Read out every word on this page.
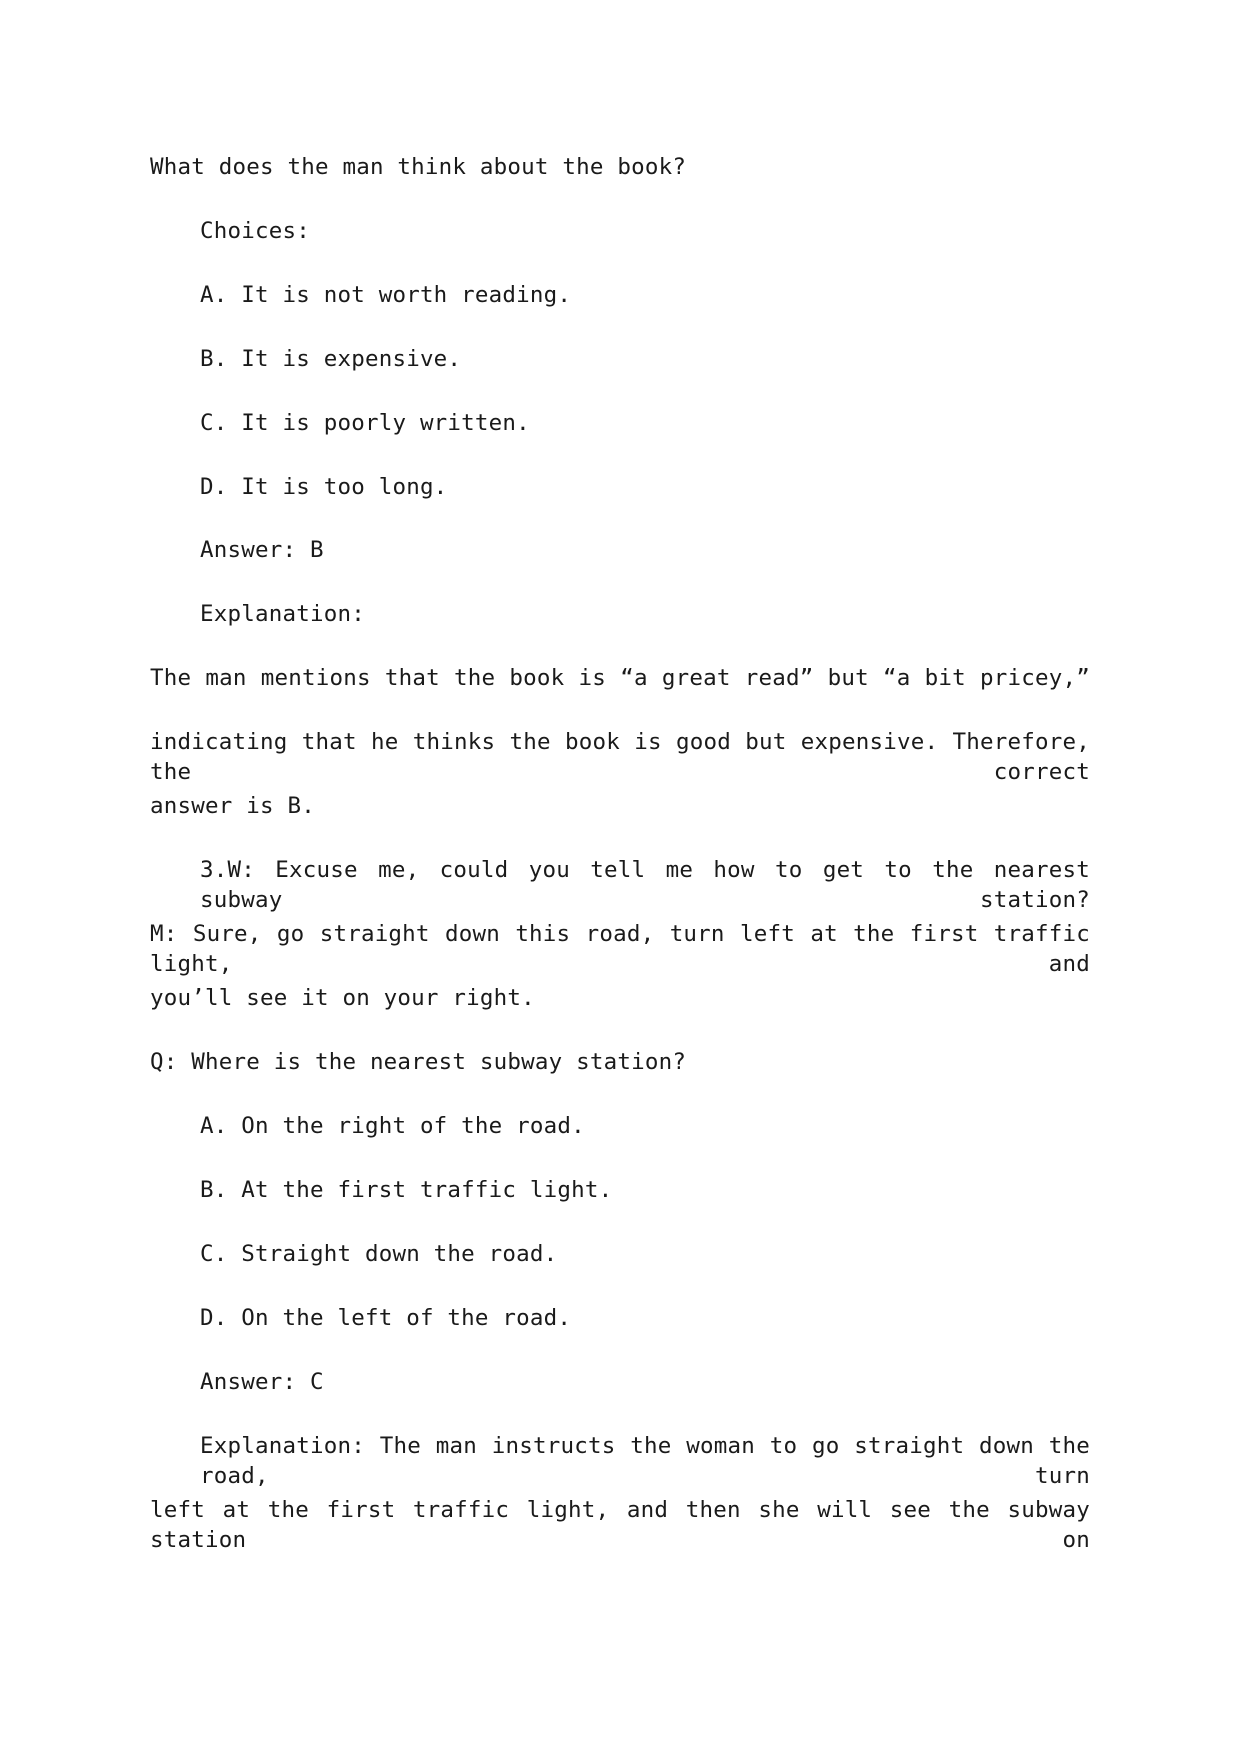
What does the man think about the book?
Choices:
A. It is not worth reading.
B. It is expensive.
C. It is poorly written.
D. It is too long.
Answer: B
Explanation:
The man mentions that the book is “a great read” but “a bit pricey,”
indicating that he thinks the book is good but expensive. Therefore, the correct
answer is B.
3.W: Excuse me, could you tell me how to get to the nearest subway station?
M: Sure, go straight down this road, turn left at the first traffic light, and
you’ll see it on your right.
Q: Where is the nearest subway station?
A. On the right of the road.
B. At the first traffic light.
C. Straight down the road.
D. On the left of the road.
Answer: C
Explanation: The man instructs the woman to go straight down the road, turn
left at the first traffic light, and then she will see the subway station on
